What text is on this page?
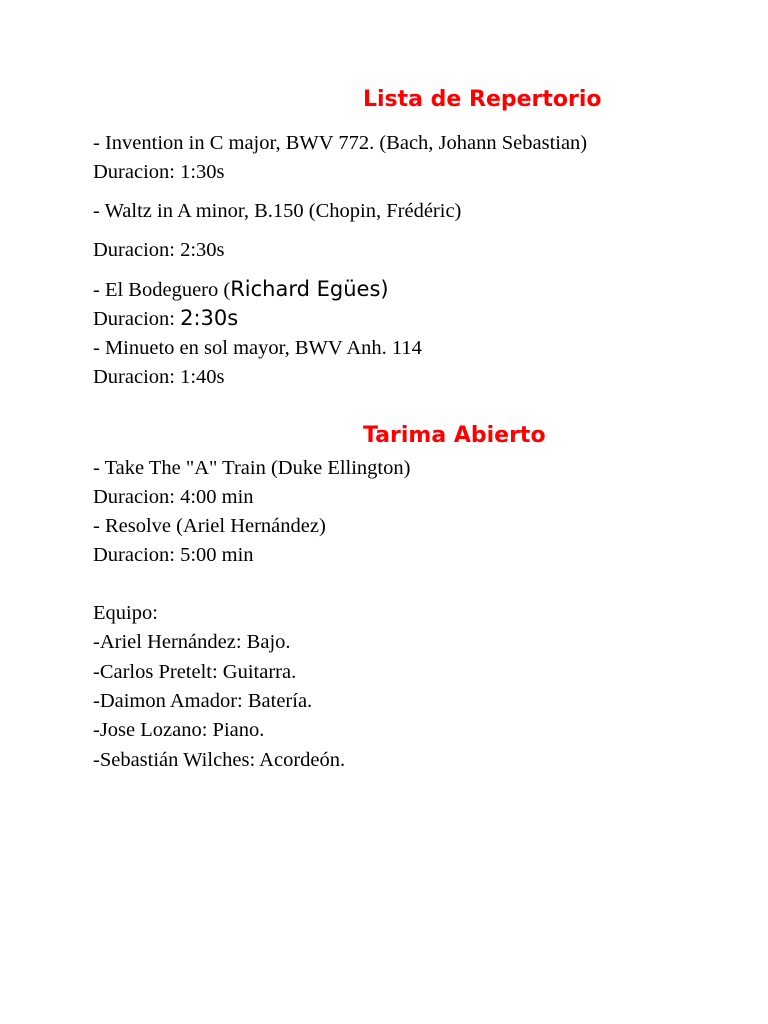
Lista de Repertorio
- Invention in C major, BWV 772. (Bach, Johann Sebastian)
Duracion: 1:30s
- Waltz in A minor, B.150 (Chopin, Frédéric)
Duracion: 2:30s
- El Bodeguero (Richard Egües)
Duracion: 2:30s
- Minueto en sol mayor, BWV Anh. 114
Duracion: 1:40s
Tarima Abierto
- Take The "A" Train (Duke Ellington)
Duracion: 4:00 min
- Resolve (Ariel Hernández)
Duracion: 5:00 min
Equipo:
-Ariel Hernández: Bajo.
-Carlos Pretelt: Guitarra.
-Daimon Amador: Batería.
-Jose Lozano: Piano.
-Sebastián Wilches: Acordeón.
